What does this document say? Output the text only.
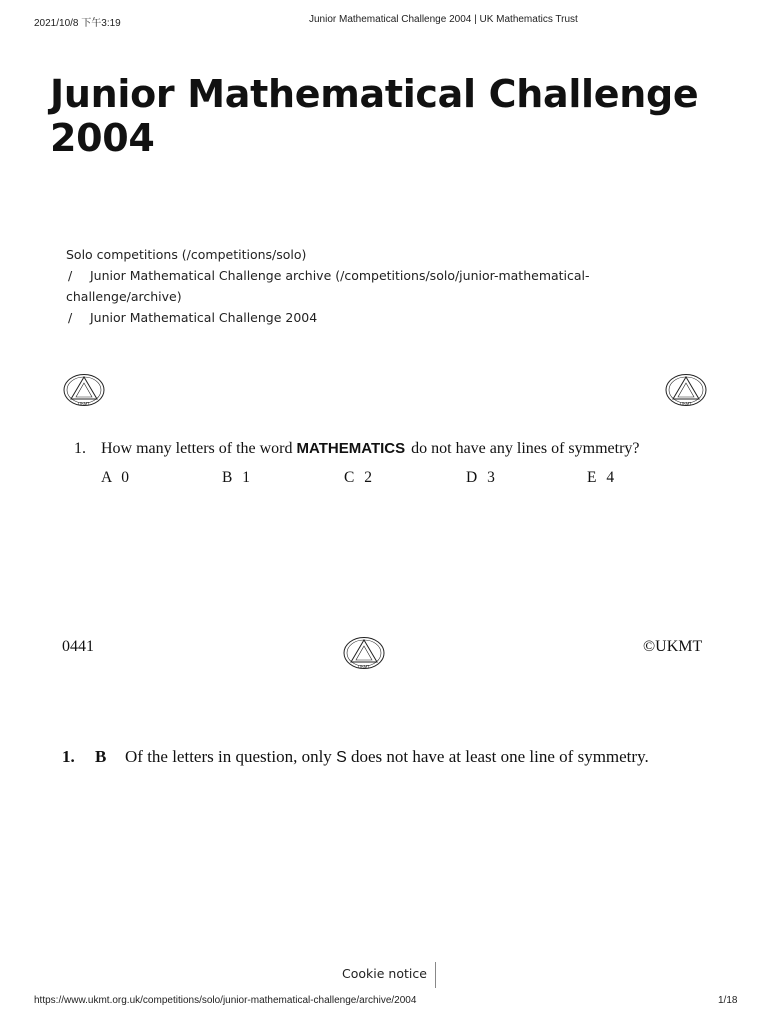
2021/10/8 下午3:19	Junior Mathematical Challenge 2004 | UK Mathematics Trust
Junior Mathematical Challenge 2004
Solo competitions (/competitions/solo)
/ Junior Mathematical Challenge archive (/competitions/solo/junior-mathematical-challenge/archive)
/ Junior Mathematical Challenge 2004
UKMT	UKMT
1. How many letters of the word MATHEMATICS do not have any lines of symmetry?
A 0	B 1	C 2	D 3	E 4
0441
UKMT
©UKMT
1. B Of the letters in question, only S does not have at least one line of symmetry.
Cookie notice
https://www.ukmt.org.uk/competitions/solo/junior-mathematical-challenge/archive/2004	1/18
